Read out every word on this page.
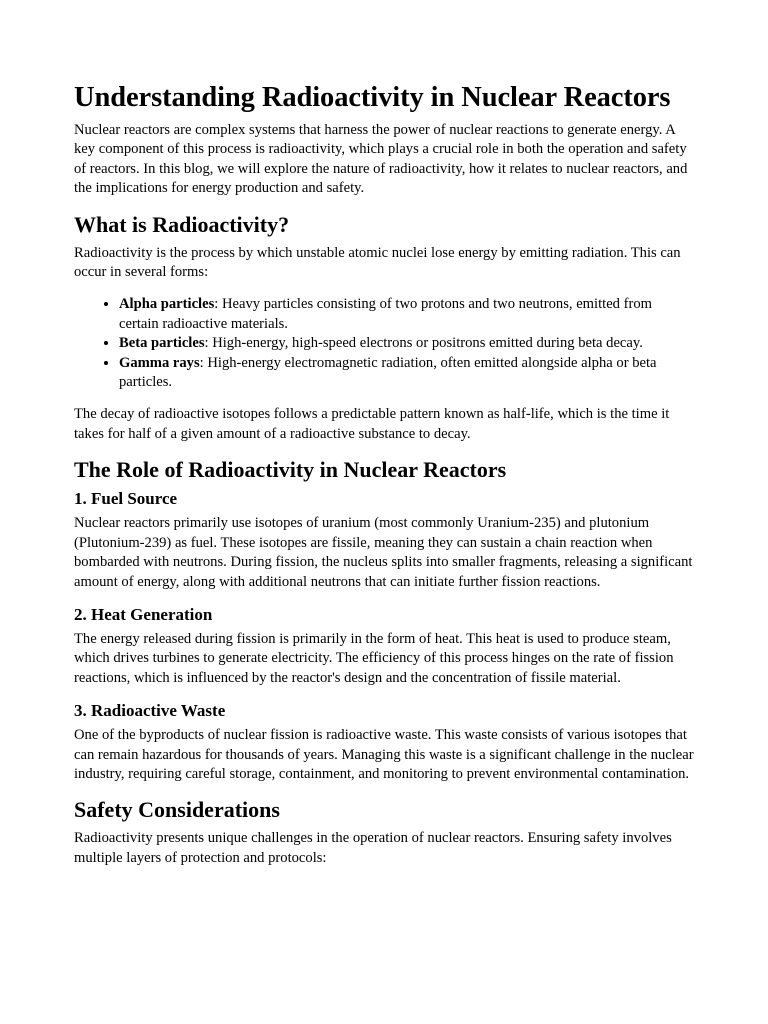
Understanding Radioactivity in Nuclear Reactors

Nuclear reactors are complex systems that harness the power of nuclear reactions to generate energy. A key component of this process is radioactivity, which plays a crucial role in both the operation and safety of reactors. In this blog, we will explore the nature of radioactivity, how it relates to nuclear reactors, and the implications for energy production and safety.

What is Radioactivity?

Radioactivity is the process by which unstable atomic nuclei lose energy by emitting radiation. This can occur in several forms:

• Alpha particles: Heavy particles consisting of two protons and two neutrons, emitted from certain radioactive materials.
• Beta particles: High-energy, high-speed electrons or positrons emitted during beta decay.
• Gamma rays: High-energy electromagnetic radiation, often emitted alongside alpha or beta particles.

The decay of radioactive isotopes follows a predictable pattern known as half-life, which is the time it takes for half of a given amount of a radioactive substance to decay.

The Role of Radioactivity in Nuclear Reactors
1. Fuel Source

Nuclear reactors primarily use isotopes of uranium (most commonly Uranium-235) and plutonium (Plutonium-239) as fuel. These isotopes are fissile, meaning they can sustain a chain reaction when bombarded with neutrons. During fission, the nucleus splits into smaller fragments, releasing a significant amount of energy, along with additional neutrons that can initiate further fission reactions.

2. Heat Generation

The energy released during fission is primarily in the form of heat. This heat is used to produce steam, which drives turbines to generate electricity. The efficiency of this process hinges on the rate of fission reactions, which is influenced by the reactor's design and the concentration of fissile material.

3. Radioactive Waste

One of the byproducts of nuclear fission is radioactive waste. This waste consists of various isotopes that can remain hazardous for thousands of years. Managing this waste is a significant challenge in the nuclear industry, requiring careful storage, containment, and monitoring to prevent environmental contamination.

Safety Considerations

Radioactivity presents unique challenges in the operation of nuclear reactors. Ensuring safety involves multiple layers of protection and protocols:
